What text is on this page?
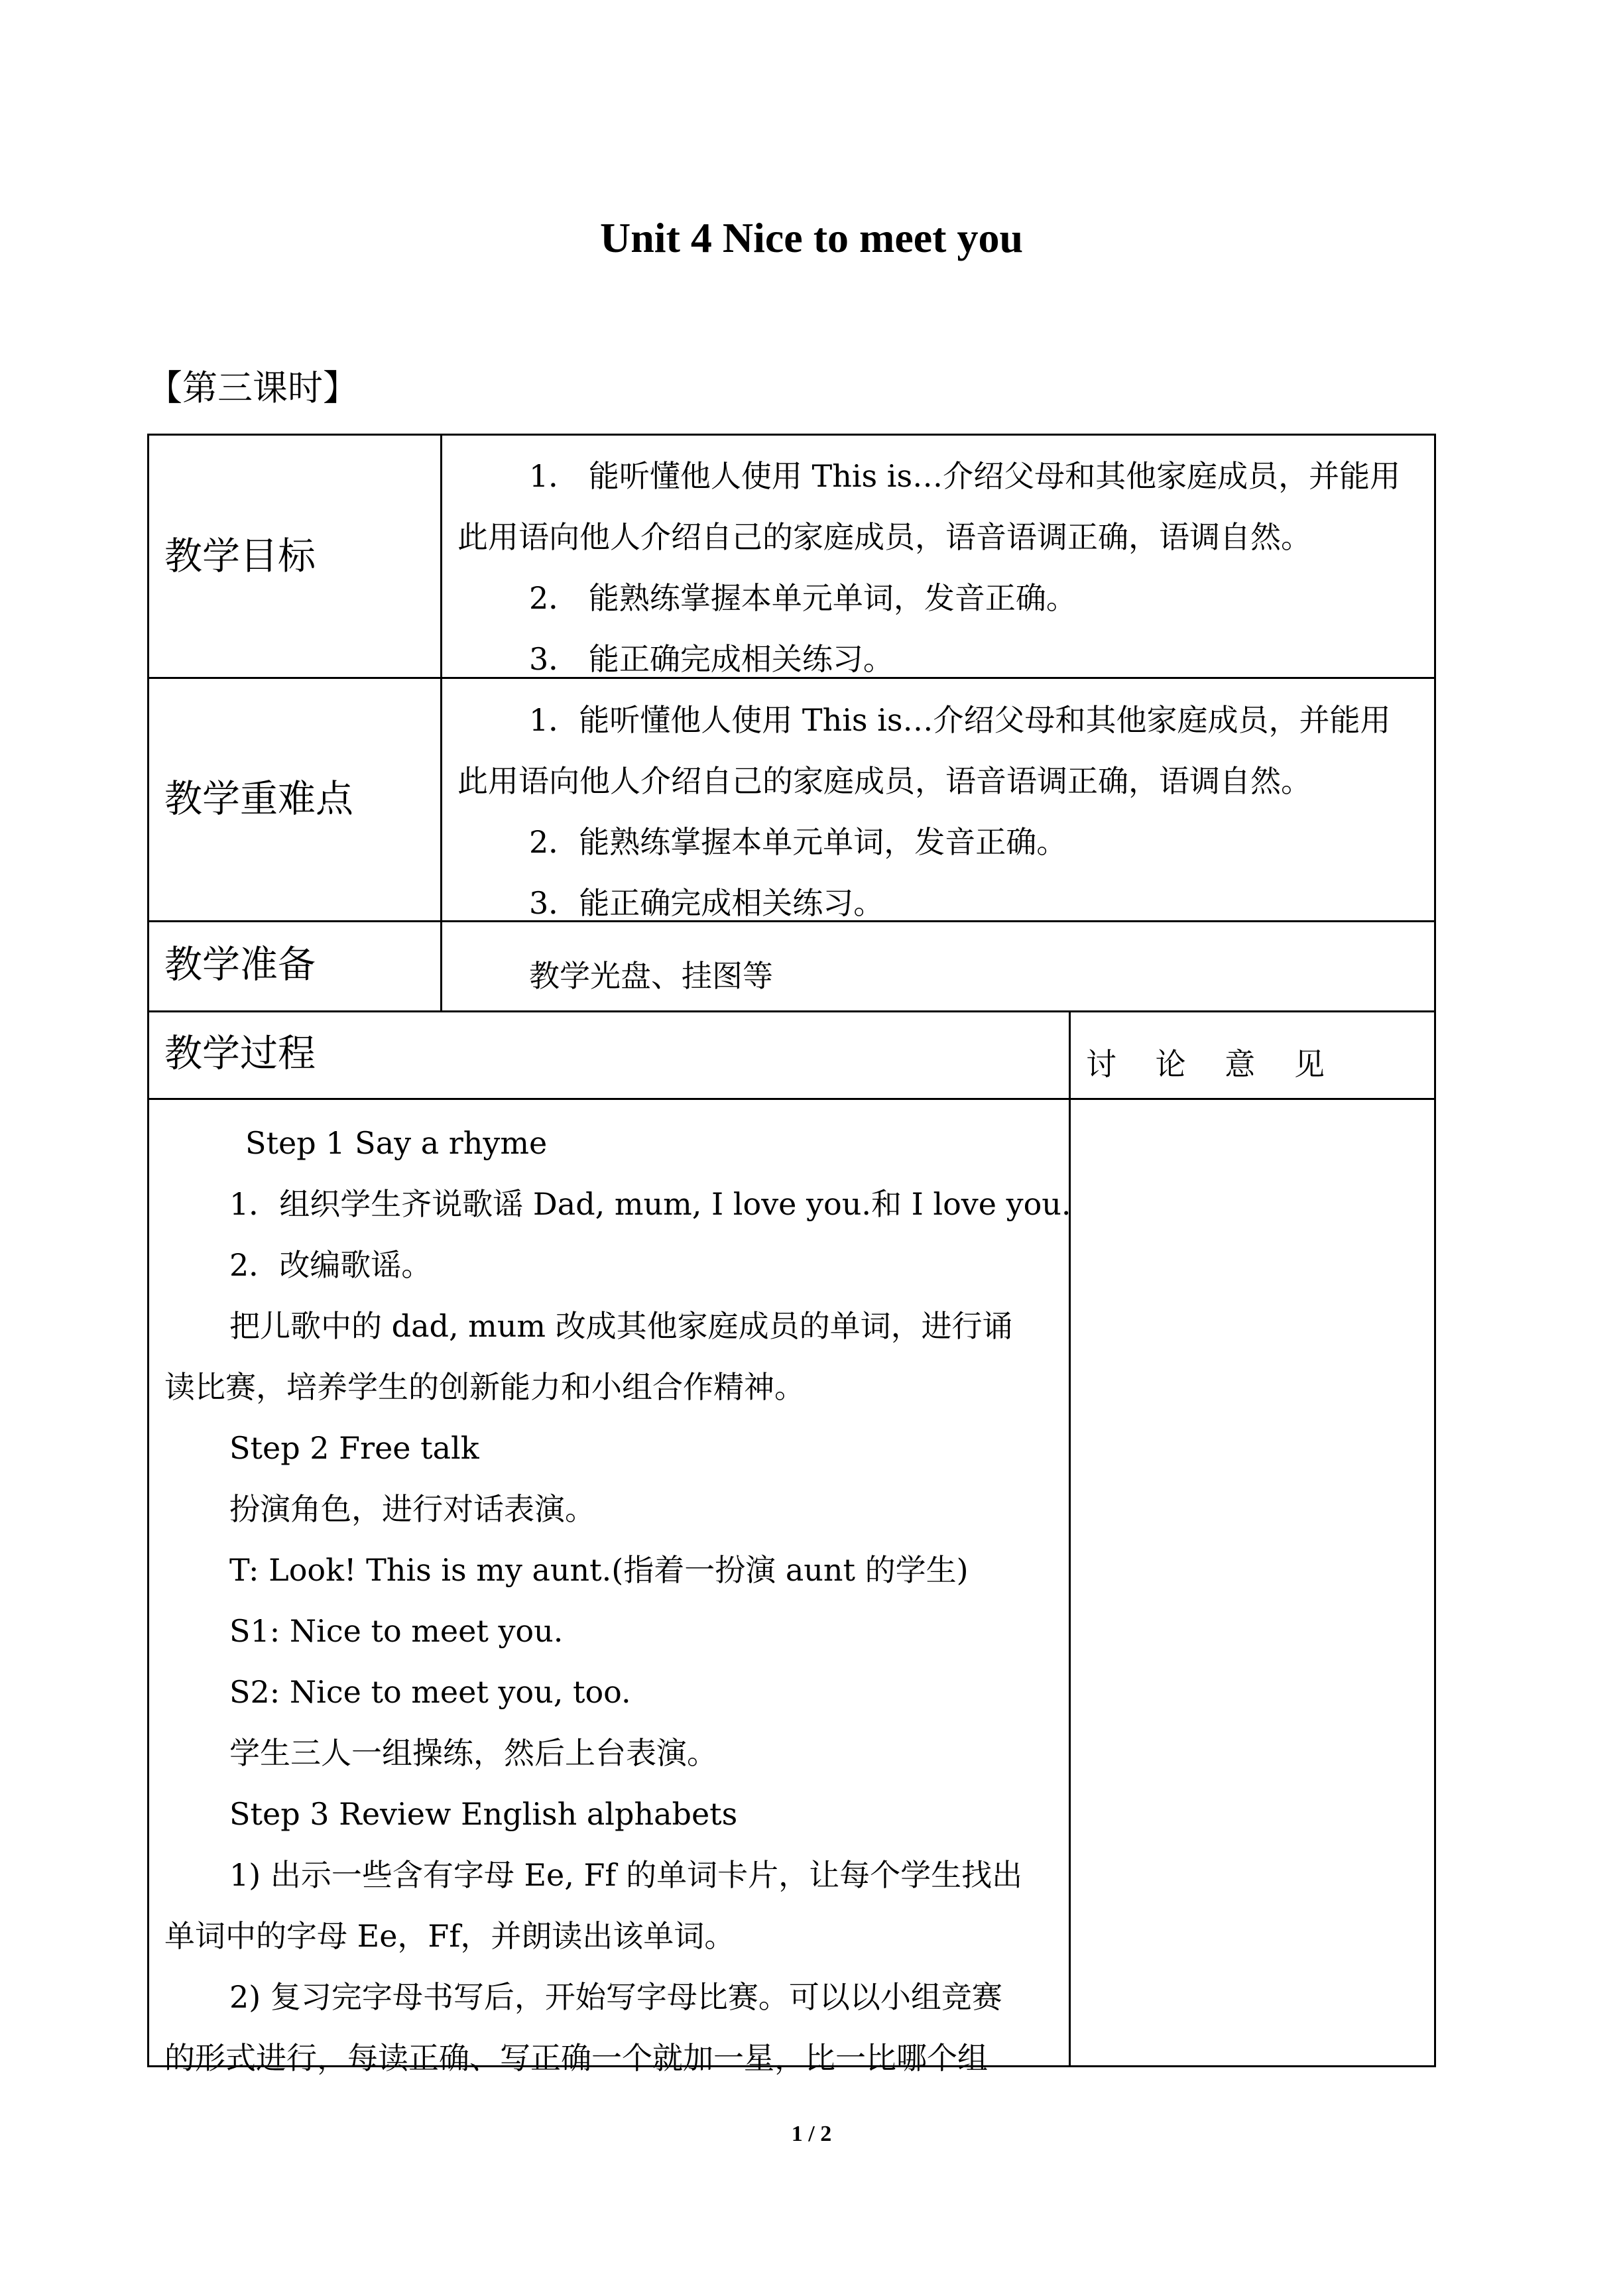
Unit 4 Nice to meet you
【第三课时】
教学目标

1． 能听懂他人使用 This is…介绍父母和其他家庭成员，并能用

此用语向他人介绍自己的家庭成员，语音语调正确，语调自然。

2． 能熟练掌握本单元单词，发音正确。

3． 能正确完成相关练习。

教学重难点

1．能听懂他人使用 This is…介绍父母和其他家庭成员，并能用

此用语向他人介绍自己的家庭成员，语音语调正确，语调自然。

2．能熟练掌握本单元单词，发音正确。

3．能正确完成相关练习。

教学准备	教学光盘、挂图等
教学过程	讨 论 意 见

Step 1 Say a rhyme

1．组织学生齐说歌谣 Dad, mum, I love you.和 I love you.

2．改编歌谣。

把儿歌中的 dad, mum 改成其他家庭成员的单词，进行诵

读比赛，培养学生的创新能力和小组合作精神。

Step 2 Free talk

扮演角色，进行对话表演。

T: Look! This is my aunt.(指着一扮演 aunt 的学生)

S1: Nice to meet you.

S2: Nice to meet you, too.

学生三人一组操练，然后上台表演。

Step 3 Review English alphabets

1) 出示一些含有字母 Ee, Ff 的单词卡片，让每个学生找出

单词中的字母 Ee，Ff，并朗读出该单词。

2) 复习完字母书写后，开始写字母比赛。可以以小组竞赛

的形式进行，每读正确、写正确一个就加一星，比一比哪个组

1 / 2
